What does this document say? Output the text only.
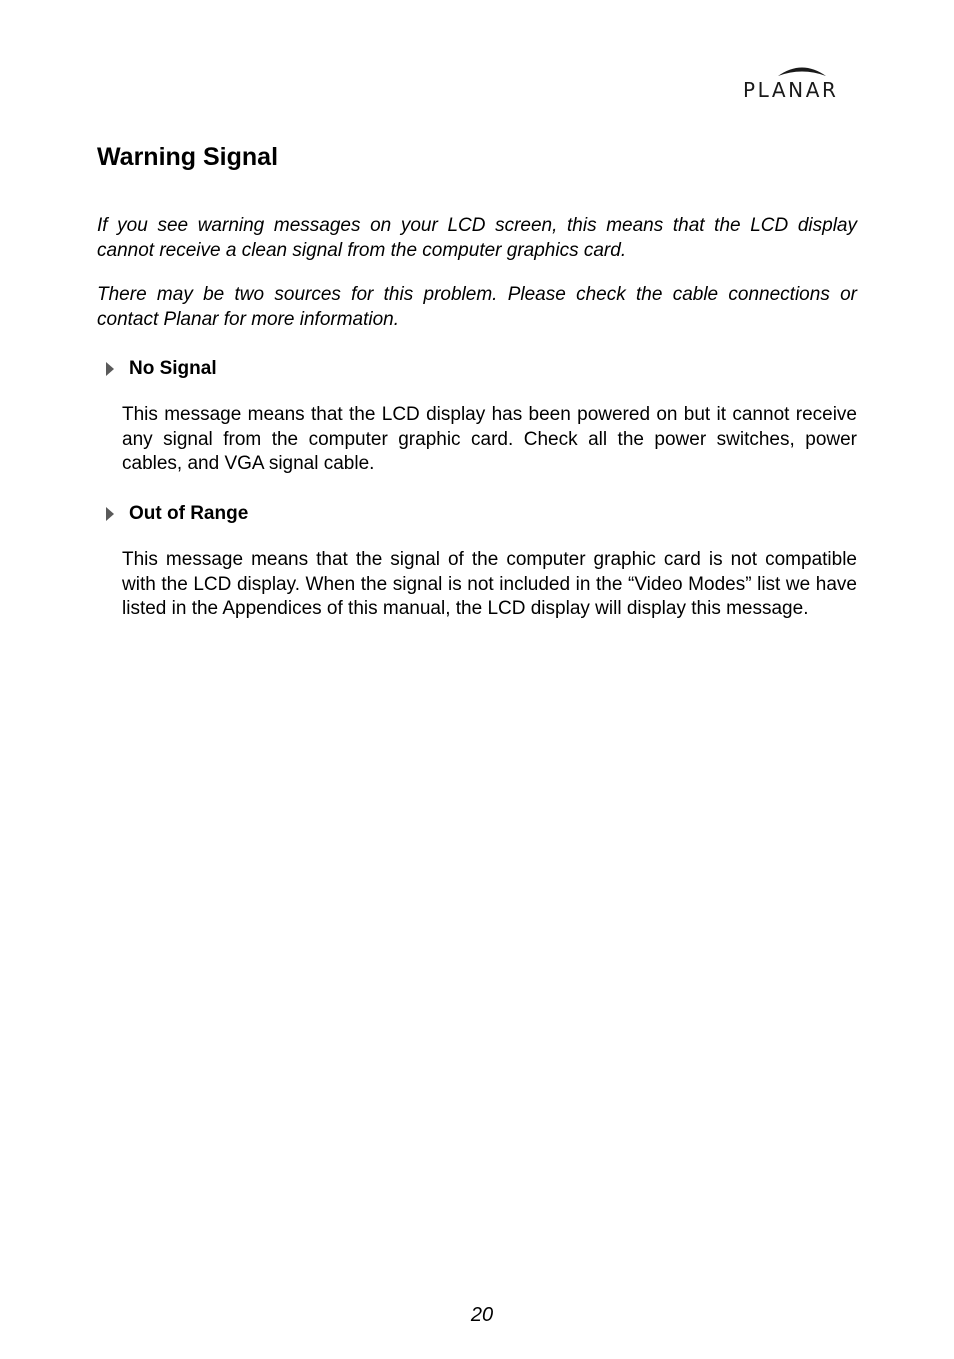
PLANAR
Warning Signal

If you see warning messages on your LCD screen, this means that the LCD display cannot receive a clean signal from the computer graphics card.

There may be two sources for this problem. Please check the cable connections or contact Planar for more information.

No Signal

This message means that the LCD display has been powered on but it cannot receive any signal from the computer graphic card. Check all the power switches, power cables, and VGA signal cable.

Out of Range

This message means that the signal of the computer graphic card is not compatible with the LCD display. When the signal is not included in the “Video Modes” list we have listed in the Appendices of this manual, the LCD display will display this message.

20
